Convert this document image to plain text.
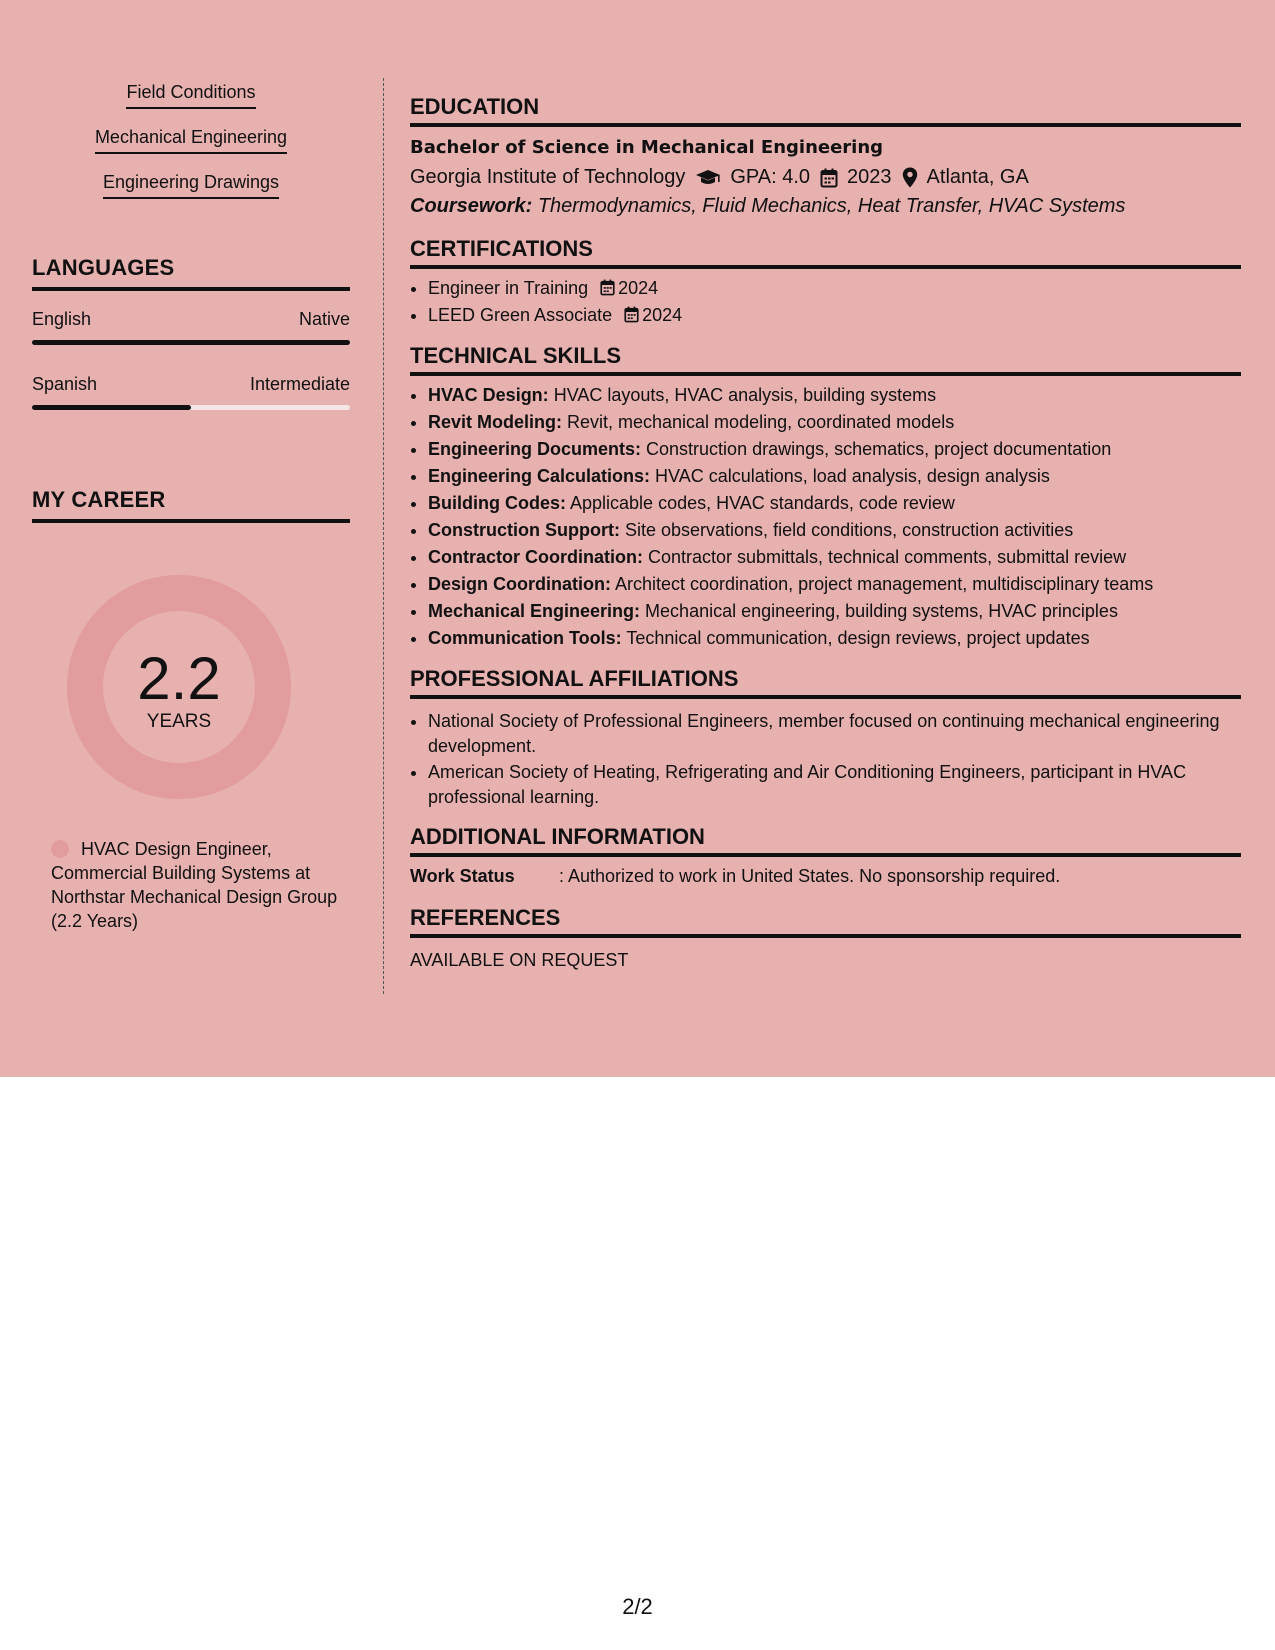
Field Conditions
Mechanical Engineering
Engineering Drawings
LANGUAGES
English	Native
Spanish	Intermediate
MY CAREER
2.2
YEARS
HVAC Design Engineer, Commercial Building Systems at Northstar Mechanical Design Group (2.2 Years)
EDUCATION
Bachelor of Science in Mechanical Engineering
Georgia Institute of Technology GPA: 4.0 2023 Atlanta, GA
Coursework: Thermodynamics, Fluid Mechanics, Heat Transfer, HVAC Systems
CERTIFICATIONS
• Engineer in Training 2024
• LEED Green Associate 2024
TECHNICAL SKILLS
• HVAC Design: HVAC layouts, HVAC analysis, building systems
• Revit Modeling: Revit, mechanical modeling, coordinated models
• Engineering Documents: Construction drawings, schematics, project documentation
• Engineering Calculations: HVAC calculations, load analysis, design analysis
• Building Codes: Applicable codes, HVAC standards, code review
• Construction Support: Site observations, field conditions, construction activities
• Contractor Coordination: Contractor submittals, technical comments, submittal review
• Design Coordination: Architect coordination, project management, multidisciplinary teams
• Mechanical Engineering: Mechanical engineering, building systems, HVAC principles
• Communication Tools: Technical communication, design reviews, project updates
PROFESSIONAL AFFILIATIONS
• National Society of Professional Engineers, member focused on continuing mechanical engineering development.
• American Society of Heating, Refrigerating and Air Conditioning Engineers, participant in HVAC professional learning.
ADDITIONAL INFORMATION
Work Status	: Authorized to work in United States. No sponsorship required.
REFERENCES
AVAILABLE ON REQUEST
2/2
